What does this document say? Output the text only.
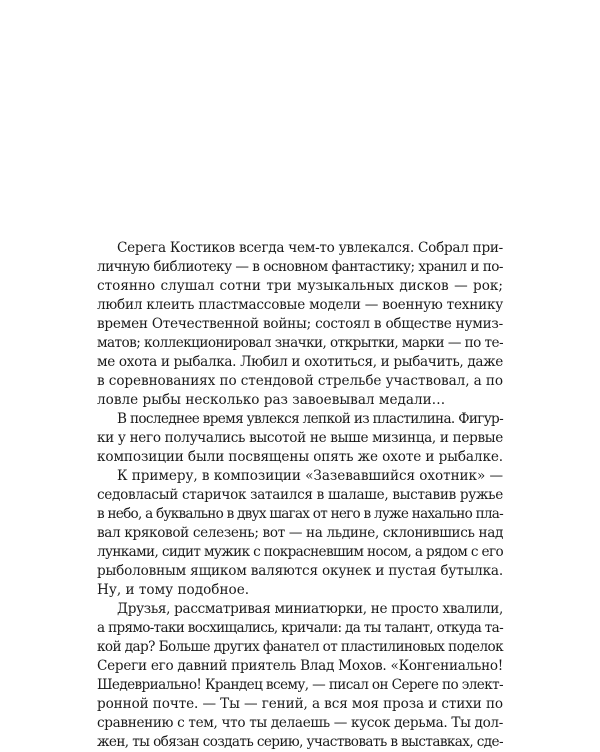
Серега Костиков всегда чем-то увлекался. Собрал при-
личную библиотеку — в основном фантастику; хранил и по-
стоянно слушал сотни три музыкальных дисков — рок;
любил клеить пластмассовые модели — военную технику
времен Отечественной войны; состоял в обществе нумиз-
матов; коллекционировал значки, открытки, марки — по те-
ме охота и рыбалка. Любил и охотиться, и рыбачить, даже
в соревнованиях по стендовой стрельбе участвовал, а по
ловле рыбы несколько раз завоевывал медали…
В последнее время увлекся лепкой из пластилина. Фигур-
ки у него получались высотой не выше мизинца, и первые
композиции были посвящены опять же охоте и рыбалке.
К примеру, в композиции «Зазевавшийся охотник» —
седовласый старичок затаился в шалаше, выставив ружье
в небо, а буквально в двух шагах от него в луже нахально пла-
вал кряковой селезень; вот — на льдине, склонившись над
лунками, сидит мужик с покрасневшим носом, а рядом с его
рыболовным ящиком валяются окунек и пустая бутылка.
Ну, и тому подобное.
Друзья, рассматривая миниатюрки, не просто хвалили,
а прямо-таки восхищались, кричали: да ты талант, откуда та-
кой дар? Больше других фанател от пластилиновых поделок
Сереги его давний приятель Влад Мохов. «Конгениально!
Шедевриально! Крандец всему, — писал он Сереге по элект-
ронной почте. — Ты — гений, а вся моя проза и стихи по
сравнению с тем, что ты делаешь — кусок дерьма. Ты дол-
жен, ты обязан создать серию, участвовать в выставках, сде-
